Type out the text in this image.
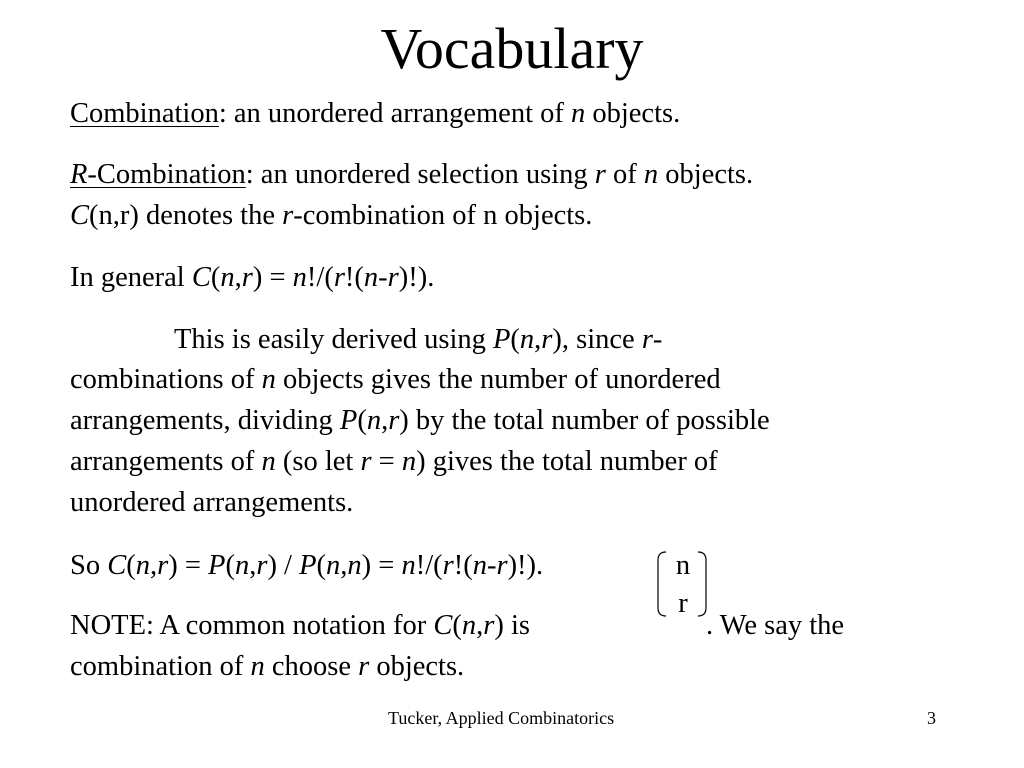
Vocabulary
Combination: an unordered arrangement of n objects.
R-Combination: an unordered selection using r of n objects.
C(n,r) denotes the r-combination of n objects.
In general C(n,r) = n!/(r!(n-r)!).
This is easily derived using P(n,r), since r-
combinations of n objects gives the number of unordered
arrangements, dividing P(n,r) by the total number of possible
arrangements of n (so let r = n) gives the total number of
unordered arrangements.
So C(n,r) = P(n,r) / P(n,n) = n!/(r!(n-r)!).
NOTE: A common notation for C(n,r) is	. We say the
combination of n choose r objects.
n
r
Tucker, Applied Combinatorics	3
